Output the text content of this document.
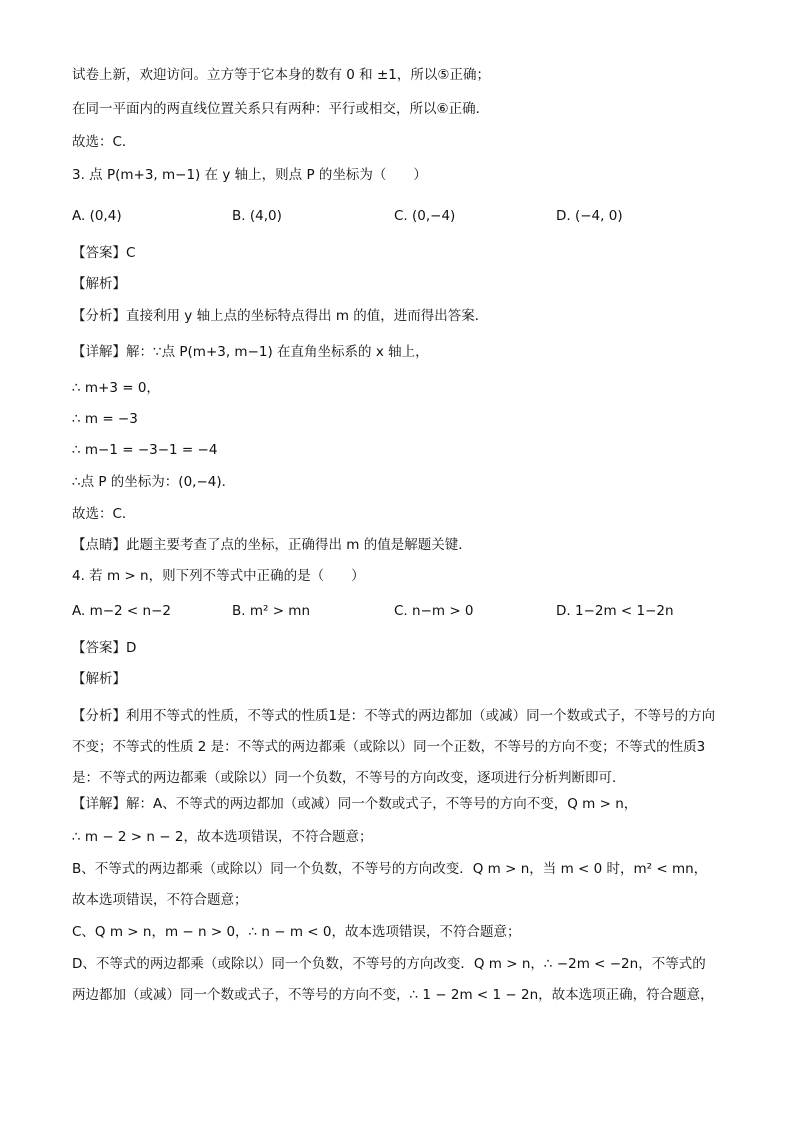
试卷上新，欢迎访问。立方等于它本身的数有 0 和 ±1，所以⑤正确；

在同一平面内的两直线位置关系只有两种：平行或相交，所以⑥正确．

故选：C．

3. 点 P(m+3, m−1) 在 y 轴上，则点 P 的坐标为（　　）

A. (0,4)	B. (4,0)	C. (0,−4)	D. (−4, 0)

【答案】C

【解析】

【分析】直接利用 y 轴上点的坐标特点得出 m 的值，进而得出答案．

【详解】解：∵点 P(m+3, m−1) 在直角坐标系的 x 轴上，

∴ m+3 = 0，

∴ m = −3

∴ m−1 = −3−1 = −4

∴点 P 的坐标为：(0,−4)．

故选：C．

【点睛】此题主要考查了点的坐标，正确得出 m 的值是解题关键．

4. 若 m > n，则下列不等式中正确的是（　　）

A. m−2 < n−2	B. m² > mn	C. n−m > 0	D. 1−2m < 1−2n

【答案】D

【解析】

【分析】利用不等式的性质，不等式的性质1是：不等式的两边都加（或减）同一个数或式子，不等号的方向不变；不等式的性质 2 是：不等式的两边都乘（或除以）同一个正数，不等号的方向不变；不等式的性质3是：不等式的两边都乘（或除以）同一个负数，不等号的方向改变，逐项进行分析判断即可．

【详解】解：A、不等式的两边都加（或减）同一个数或式子，不等号的方向不变，Q m > n，

∴ m − 2 > n − 2，故本选项错误，不符合题意；

B、不等式的两边都乘（或除以）同一个负数，不等号的方向改变．Q m > n，当 m < 0 时，m² < mn，

故本选项错误，不符合题意；

C、Q m > n，m − n > 0，∴ n − m < 0，故本选项错误，不符合题意；

D、不等式的两边都乘（或除以）同一个负数，不等号的方向改变．Q m > n，∴ −2m < −2n，不等式的

两边都加（或减）同一个数或式子，不等号的方向不变，∴ 1 − 2m < 1 − 2n，故本选项正确，符合题意，
